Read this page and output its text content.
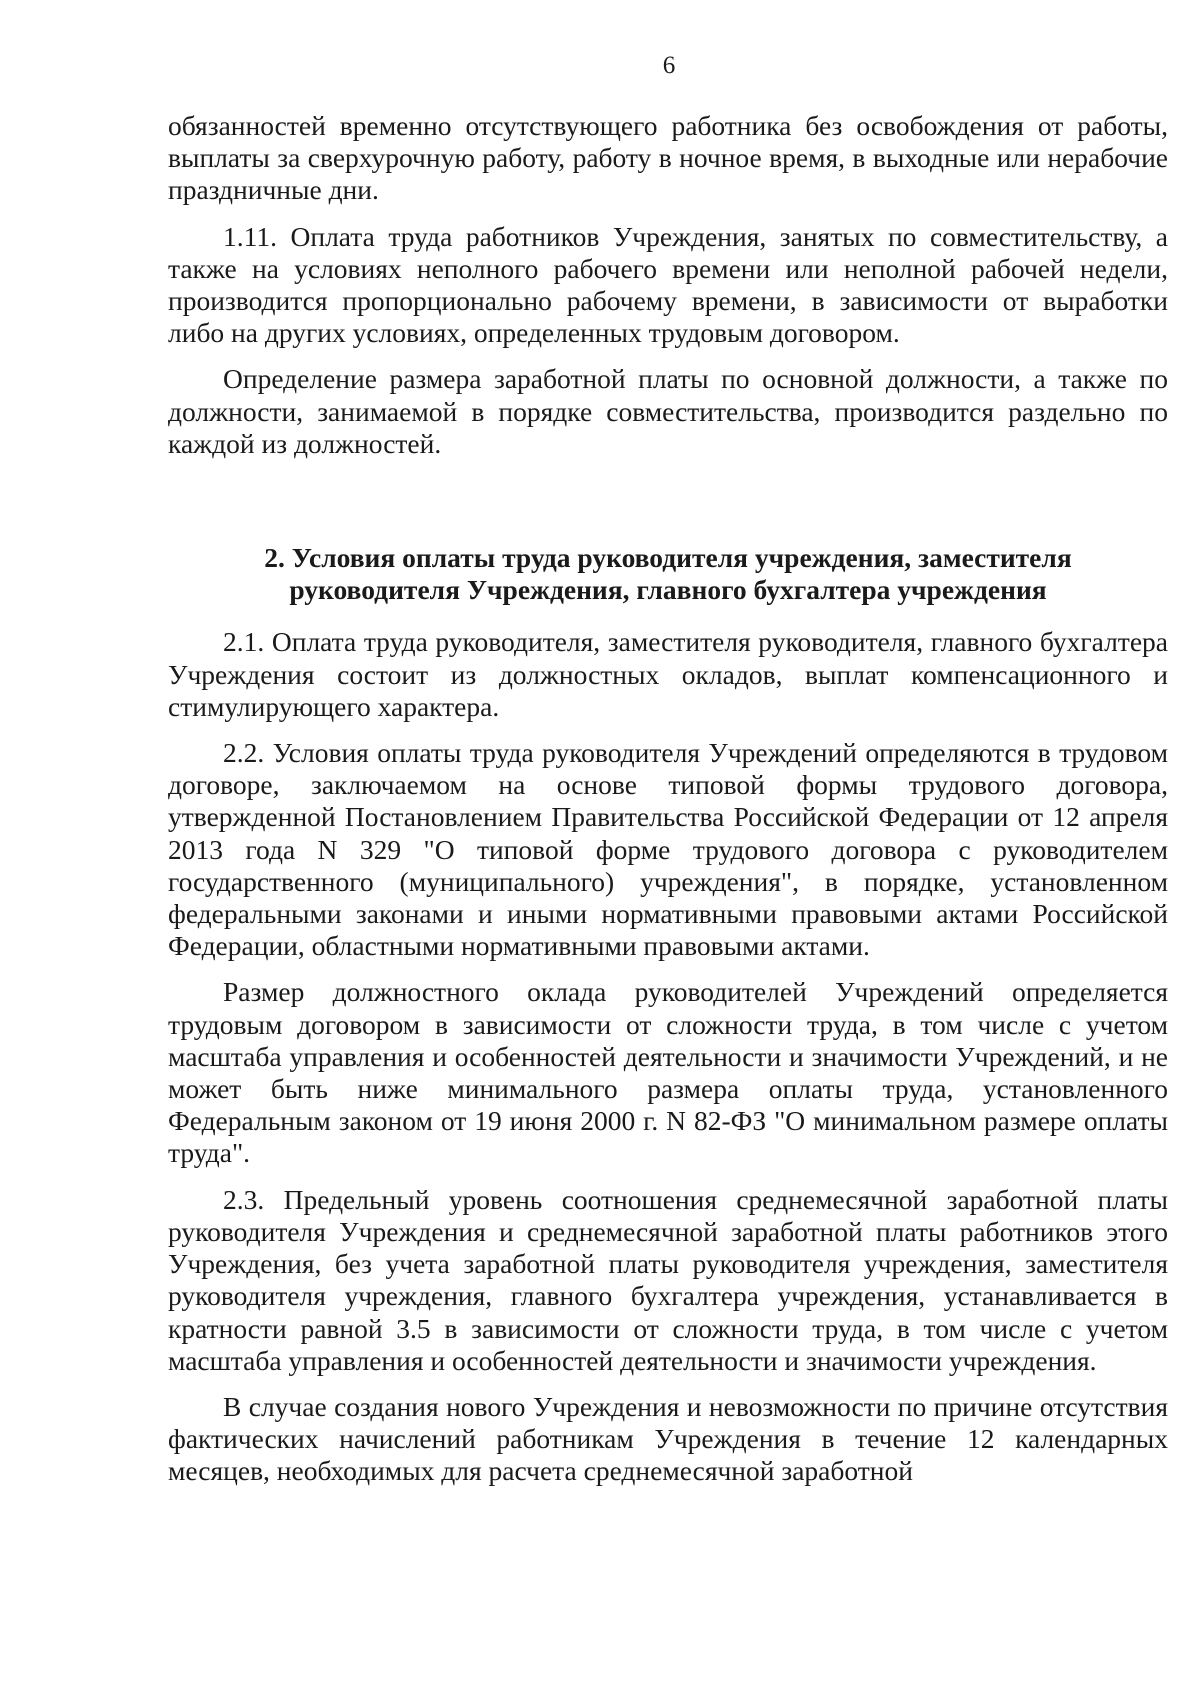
6

обязанностей временно отсутствующего работника без освобождения от работы, выплаты за сверхурочную работу, работу в ночное время, в выходные или нерабочие праздничные дни.

1.11. Оплата труда работников Учреждения, занятых по совместительству, а также на условиях неполного рабочего времени или неполной рабочей недели, производится пропорционально рабочему времени, в зависимости от выработки либо на других условиях, определенных трудовым договором.

Определение размера заработной платы по основной должности, а также по должности, занимаемой в порядке совместительства, производится раздельно по каждой из должностей.

2. Условия оплаты труда руководителя учреждения, заместителя руководителя Учреждения, главного бухгалтера учреждения

2.1. Оплата труда руководителя, заместителя руководителя, главного бухгалтера Учреждения состоит из должностных окладов, выплат компенсационного и стимулирующего характера.

2.2. Условия оплаты труда руководителя Учреждений определяются в трудовом договоре, заключаемом на основе типовой формы трудового договора, утвержденной Постановлением Правительства Российской Федерации от 12 апреля 2013 года N 329 "О типовой форме трудового договора с руководителем государственного (муниципального) учреждения", в порядке, установленном федеральными законами и иными нормативными правовыми актами Российской Федерации, областными нормативными правовыми актами.

Размер должностного оклада руководителей Учреждений определяется трудовым договором в зависимости от сложности труда, в том числе с учетом масштаба управления и особенностей деятельности и значимости Учреждений, и не может быть ниже минимального размера оплаты труда, установленного Федеральным законом от 19 июня 2000 г. N 82-ФЗ "О минимальном размере оплаты труда".

2.3. Предельный уровень соотношения среднемесячной заработной платы руководителя Учреждения и среднемесячной заработной платы работников этого Учреждения, без учета заработной платы руководителя учреждения, заместителя руководителя учреждения, главного бухгалтера учреждения, устанавливается в кратности равной 3.5 в зависимости от сложности труда, в том числе с учетом масштаба управления и особенностей деятельности и значимости учреждения.

В случае создания нового Учреждения и невозможности по причине отсутствия фактических начислений работникам Учреждения в течение 12 календарных месяцев, необходимых для расчета среднемесячной заработной
